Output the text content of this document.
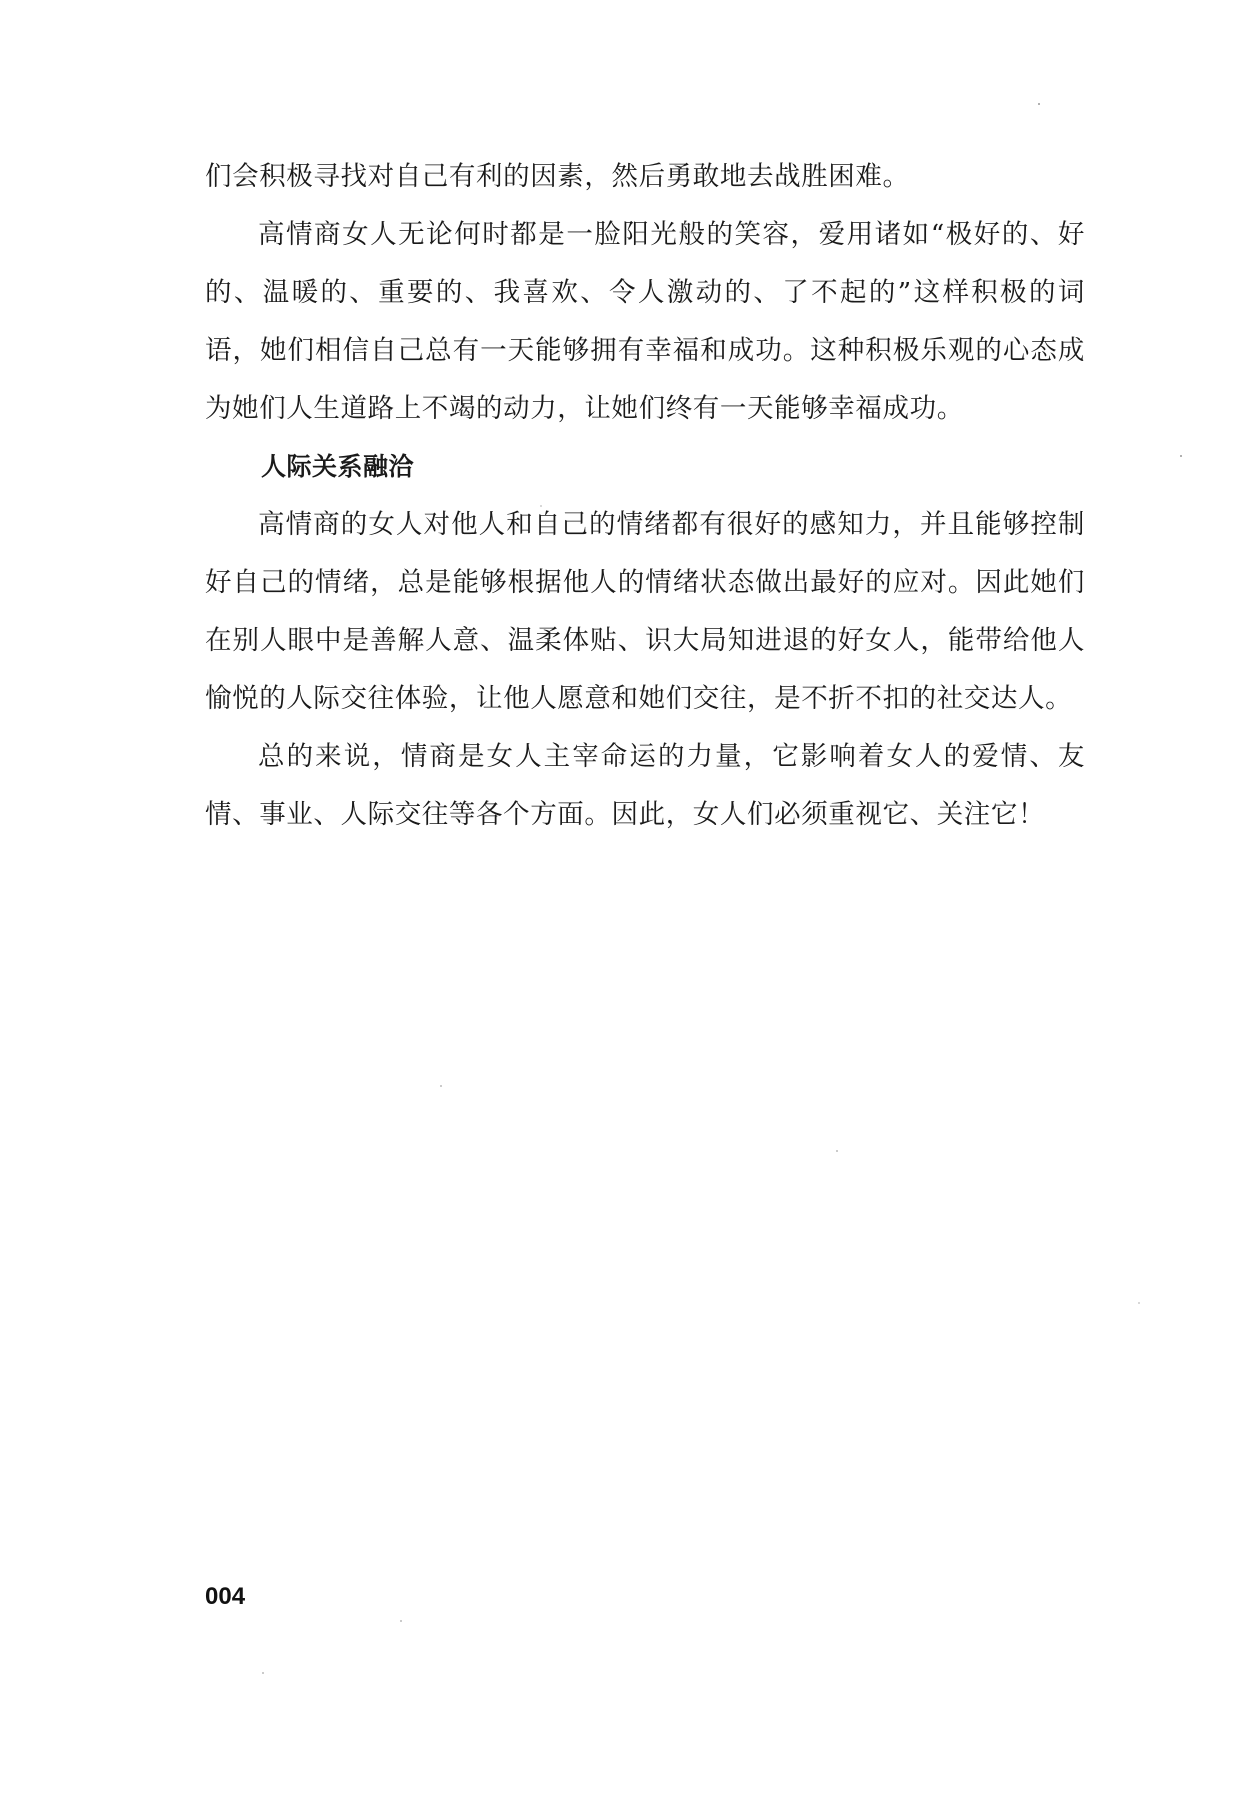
们会积极寻找对自己有利的因素，然后勇敢地去战胜困难。

高情商女人无论何时都是一脸阳光般的笑容，爱用诸如“极好的、好的、温暖的、重要的、我喜欢、令人激动的、了不起的”这样积极的词语，她们相信自己总有一天能够拥有幸福和成功。这种积极乐观的心态成为她们人生道路上不竭的动力，让她们终有一天能够幸福成功。

人际关系融洽

高情商的女人对他人和自己的情绪都有很好的感知力，并且能够控制好自己的情绪，总是能够根据他人的情绪状态做出最好的应对。因此她们在别人眼中是善解人意、温柔体贴、识大局知进退的好女人，能带给他人愉悦的人际交往体验，让他人愿意和她们交往，是不折不扣的社交达人。

总的来说，情商是女人主宰命运的力量，它影响着女人的爱情、友情、事业、人际交往等各个方面。因此，女人们必须重视它、关注它！

004
